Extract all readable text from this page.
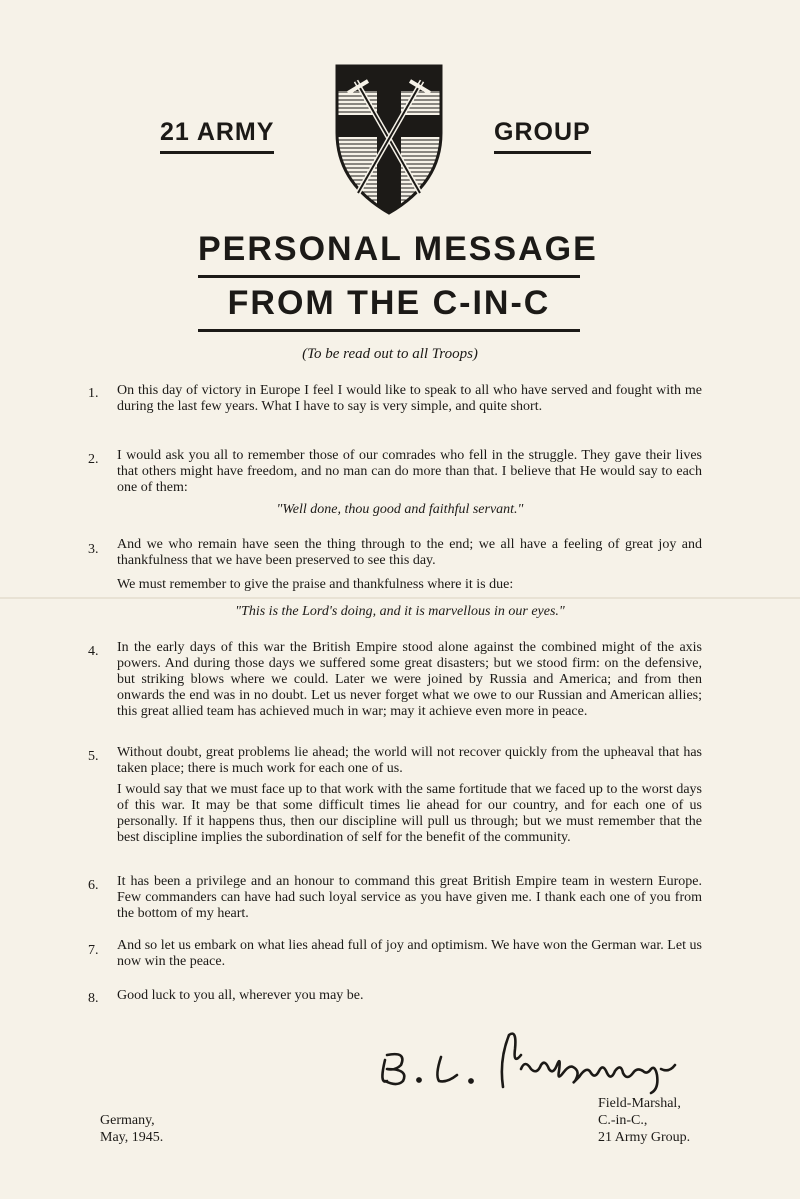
21 ARMY	GROUP
PERSONAL MESSAGE
FROM THE C-IN-C
(To be read out to all Troops)
1. On this day of victory in Europe I feel I would like to speak to all who have served and fought with me during the last few years. What I have to say is very simple, and quite short.
2. I would ask you all to remember those of our comrades who fell in the struggle. They gave their lives that others might have freedom, and no man can do more than that. I believe that He would say to each one of them:
"Well done, thou good and faithful servant."
3. And we who remain have seen the thing through to the end; we all have a feeling of great joy and thankfulness that we have been preserved to see this day.
We must remember to give the praise and thankfulness where it is due:
"This is the Lord's doing, and it is marvellous in our eyes."
4. In the early days of this war the British Empire stood alone against the combined might of the axis powers. And during those days we suffered some great disasters; but we stood firm: on the defensive, but striking blows where we could. Later we were joined by Russia and America; and from then onwards the end was in no doubt. Let us never forget what we owe to our Russian and American allies; this great allied team has achieved much in war; may it achieve even more in peace.
5. Without doubt, great problems lie ahead; the world will not recover quickly from the upheaval that has taken place; there is much work for each one of us.
I would say that we must face up to that work with the same fortitude that we faced up to the worst days of this war. It may be that some difficult times lie ahead for our country, and for each one of us personally. If it happens thus, then our discipline will pull us through; but we must remember that the best discipline implies the subordination of self for the benefit of the community.
6. It has been a privilege and an honour to command this great British Empire team in western Europe. Few commanders can have had such loyal service as you have given me. I thank each one of you from the bottom of my heart.
7. And so let us embark on what lies ahead full of joy and optimism. We have won the German war. Let us now win the peace.
8. Good luck to you all, wherever you may be.
Germany,
May, 1945.
Field-Marshal,
C.-in-C.,
21 Army Group.
